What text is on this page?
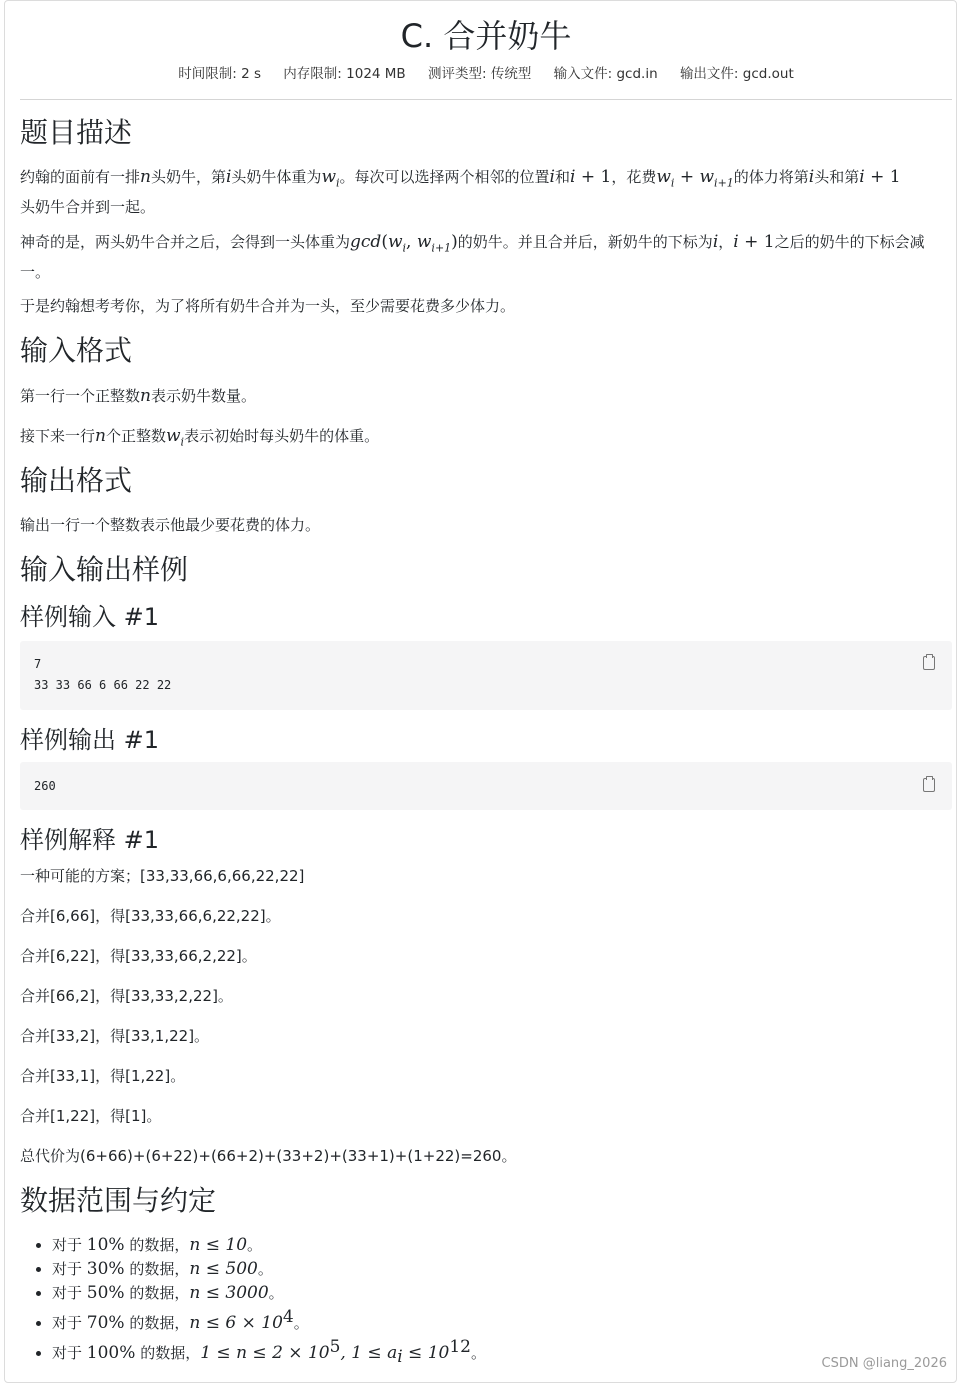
C. 合并奶牛
时间限制: 2 s 内存限制: 1024 MB 测评类型: 传统型 输入文件: gcd.in 输出文件: gcd.out
题目描述

约翰的面前有一排n头奶牛，第i头奶牛体重为$w_i$。每次可以选择两个相邻的位置i和i + 1，花费$w_i + w_{i+1}$的体力将第i头和第i + 1
头奶牛合并到一起。

神奇的是，两头奶牛合并之后，会得到一头体重为$\gcd(w_i$, $w_{i+1}$)的奶牛。并且合并后，新奶牛的下标为i，i + 1之后的奶牛的下标会减一。

于是约翰想考考你，为了将所有奶牛合并为一头，至少需要花费多少体力。

输入格式

第一行一个正整数n表示奶牛数量。

接下来一行n个正整数$w_i$表示初始时每头奶牛的体重。

输出格式

输出一行一个整数表示他最少要花费的体力。

输入输出样例
样例输入 #1
7
33 33 66 6 66 22 22
样例输出 #1
260
样例解释 #1

一种可能的方案；[33,33,66,6,66,22,22]

合并[6,66]，得[33,33,66,6,22,22]。

合并[6,22]，得[33,33,66,2,22]。

合并[66,2]，得[33,33,2,22]。

合并[33,2]，得[33,1,22]。

合并[33,1]，得[1,22]。

合并[1,22]，得[1]。

总代价为(6+66)+(6+22)+(66+2)+(33+2)+(33+1)+(1+22)=260。

数据范围与约定
• 对于 10% 的数据，n ≤ 10。
• 对于 30% 的数据，n ≤ 500。
• 对于 50% 的数据，n ≤ 3000。
• 对于 70% 的数据，$n \le 6 \times 10^4$。
• 对于 100% 的数据，$1 \le n \le 2 \times 10^5$, $1 \le a_i \le 10^{12}$。
CSDN @liang_2026
